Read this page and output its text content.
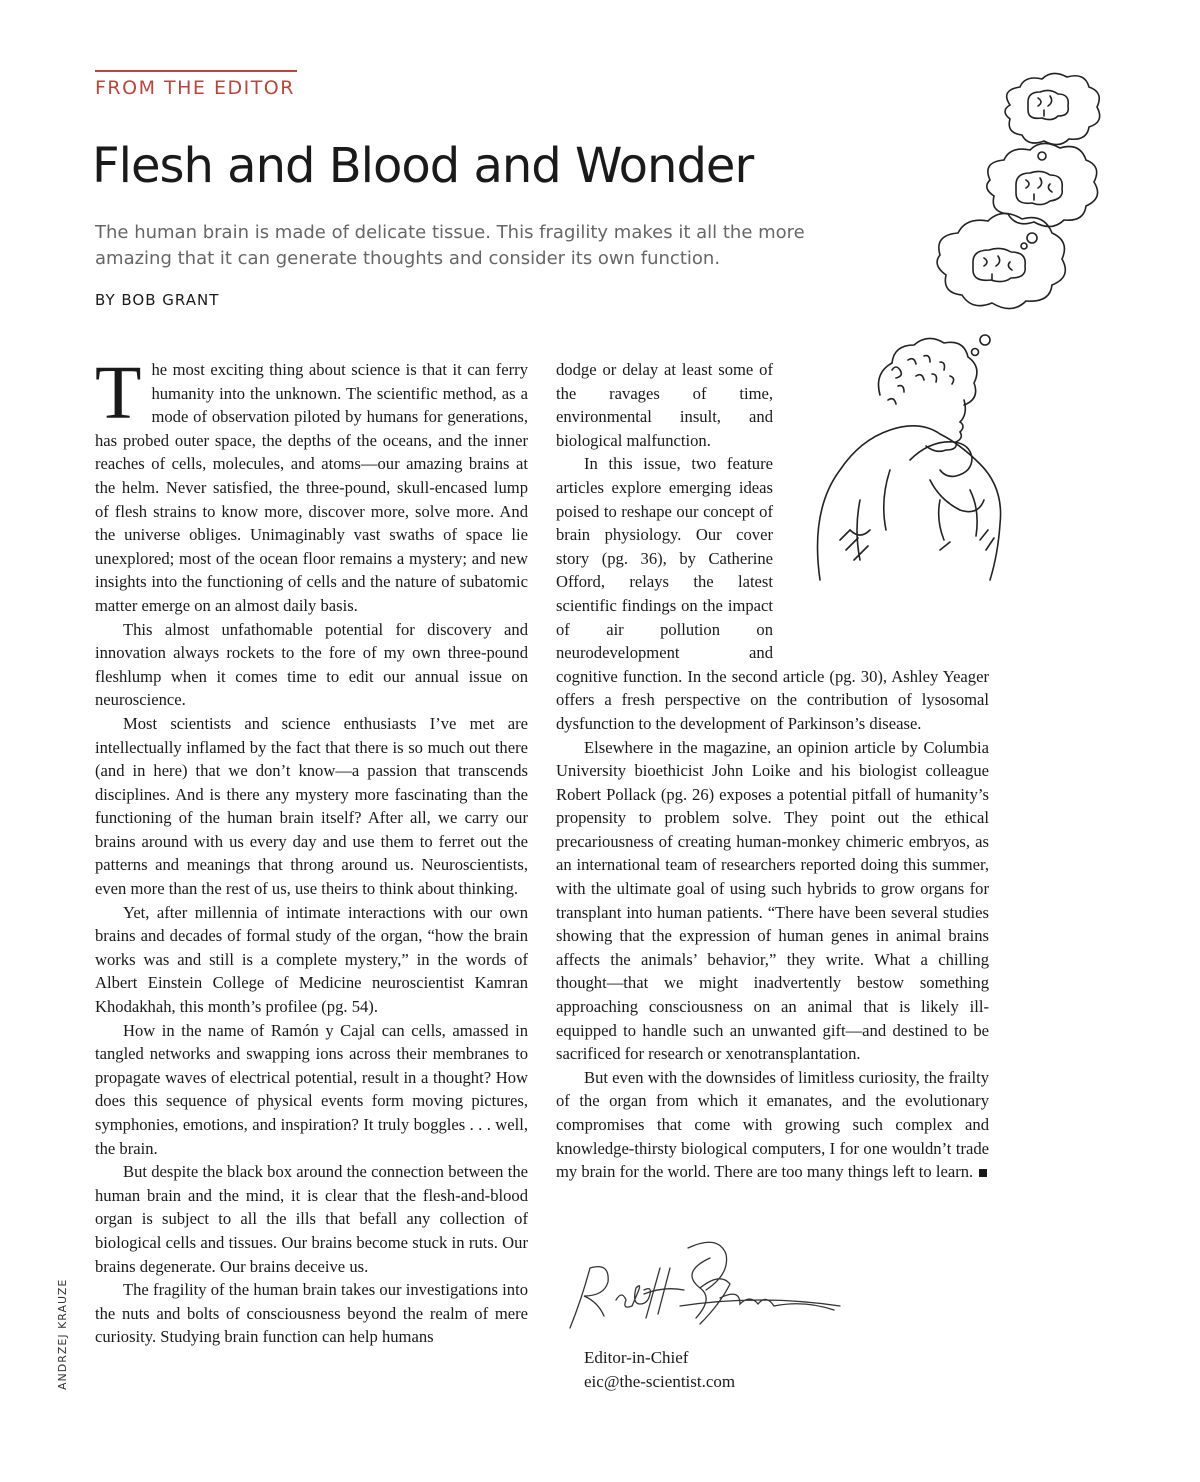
FROM THE EDITOR
Flesh and Blood and Wonder
The human brain is made of delicate tissue. This fragility makes it all the more amazing that it can generate thoughts and consider its own function.
BY BOB GRANT

The most exciting thing about science is that it can ferry humanity into the unknown. The scientific method, as a mode of observation piloted by humans for generations, has probed outer space, the depths of the oceans, and the inner reaches of cells, molecules, and atoms—our amazing brains at the helm. Never satisfied, the three-pound, skull-encased lump of flesh strains to know more, discover more, solve more. And the universe obliges. Unimaginably vast swaths of space lie unexplored; most of the ocean floor remains a mystery; and new insights into the functioning of cells and the nature of subatomic matter emerge on an almost daily basis.

This almost unfathomable potential for discovery and innovation always rockets to the fore of my own three-pound fleshlump when it comes time to edit our annual issue on neuroscience.

Most scientists and science enthusiasts I’ve met are intellectually inflamed by the fact that there is so much out there (and in here) that we don’t know—a passion that transcends disciplines. And is there any mystery more fascinating than the functioning of the human brain itself? After all, we carry our brains around with us every day and use them to ferret out the patterns and meanings that throng around us. Neuroscientists, even more than the rest of us, use theirs to think about thinking.

Yet, after millennia of intimate interactions with our own brains and decades of formal study of the organ, “how the brain works was and still is a complete mystery,” in the words of Albert Einstein College of Medicine neuroscientist Kamran Khodakhah, this month’s profilee (pg. 54).

How in the name of Ramón y Cajal can cells, amassed in tangled networks and swapping ions across their membranes to propagate waves of electrical potential, result in a thought? How does this sequence of physical events form moving pictures, symphonies, emotions, and inspiration? It truly boggles . . . well, the brain.

But despite the black box around the connection between the human brain and the mind, it is clear that the flesh-and-blood organ is subject to all the ills that befall any collection of biological cells and tissues. Our brains become stuck in ruts. Our brains degenerate. Our brains deceive us.

The fragility of the human brain takes our investigations into the nuts and bolts of consciousness beyond the realm of mere curiosity. Studying brain function can help humans

dodge or delay at least some of the ravages of time, environmental insult, and biological malfunction.

In this issue, two feature articles explore emerging ideas poised to reshape our concept of brain physiology. Our cover story (pg. 36), by Catherine Offord, relays the latest scientific findings on the impact of air pollution on neurodevelopment and cognitive function. In the second article (pg. 30), Ashley Yeager offers a fresh perspective on the contribution of lysosomal dysfunction to the development of Parkinson’s disease.

Elsewhere in the magazine, an opinion article by Columbia University bioethicist John Loike and his biologist colleague Robert Pollack (pg. 26) exposes a potential pitfall of humanity’s propensity to problem solve. They point out the ethical precariousness of creating human-monkey chimeric embryos, as an international team of researchers reported doing this summer, with the ultimate goal of using such hybrids to grow organs for transplant into human patients. “There have been several studies showing that the expression of human genes in animal brains affects the animals’ behavior,” they write. What a chilling thought—that we might inadvertently bestow something approaching consciousness on an animal that is likely ill-equipped to handle such an unwanted gift—and destined to be sacrificed for research or xenotransplantation.

But even with the downsides of limitless curiosity, the frailty of the organ from which it emanates, and the evolutionary compromises that come with growing such complex and knowledge-thirsty biological computers, I for one wouldn’t trade my brain for the world. There are too many things left to learn.

Editor-in-Chief
eic@the-scientist.com
ANDRZEJ KRAUZE
